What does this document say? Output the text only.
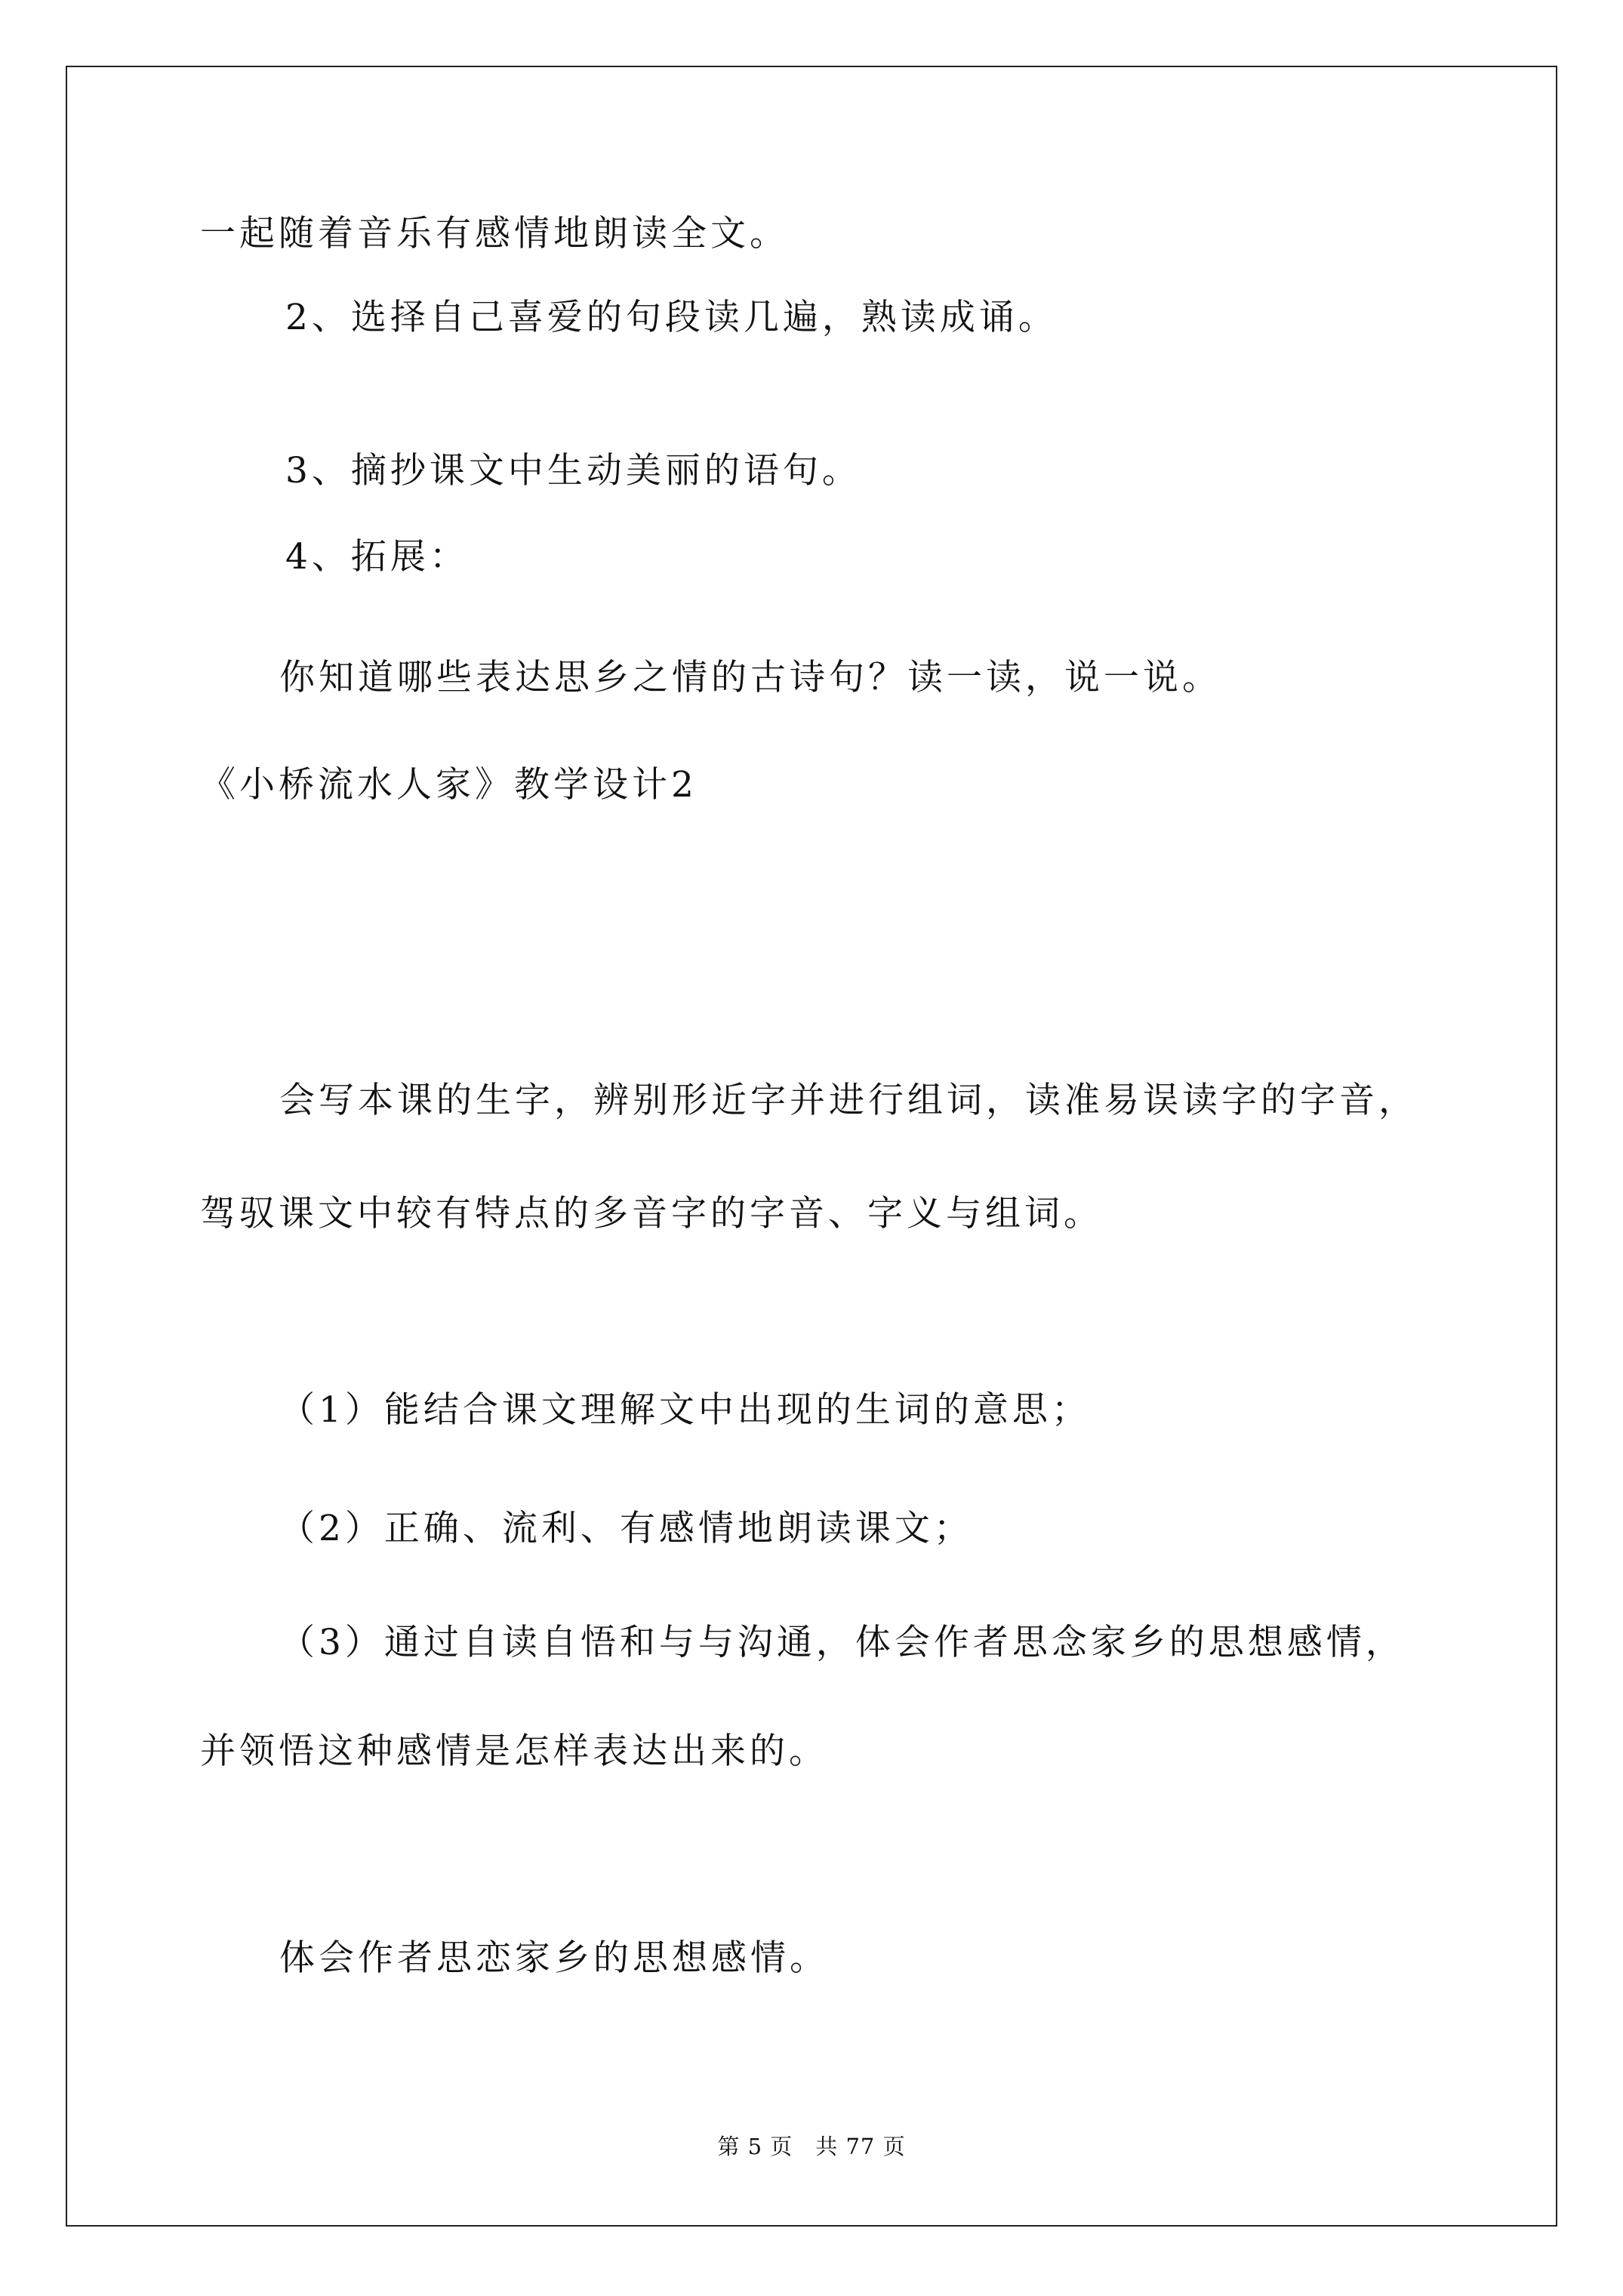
一起随着音乐有感情地朗读全文。
2、选择自己喜爱的句段读几遍，熟读成诵。
3、摘抄课文中生动美丽的语句。
4、拓展：
你知道哪些表达思乡之情的古诗句？读一读，说一说。
《小桥流水人家》教学设计2
会写本课的生字，辨别形近字并进行组词，读准易误读字的字音，
驾驭课文中较有特点的多音字的字音、字义与组词。
（1）能结合课文理解文中出现的生词的意思；
（2）正确、流利、有感情地朗读课文；
（3）通过自读自悟和与与沟通，体会作者思念家乡的思想感情，
并领悟这种感情是怎样表达出来的。
体会作者思恋家乡的思想感情。
第 5 页　共 77 页
